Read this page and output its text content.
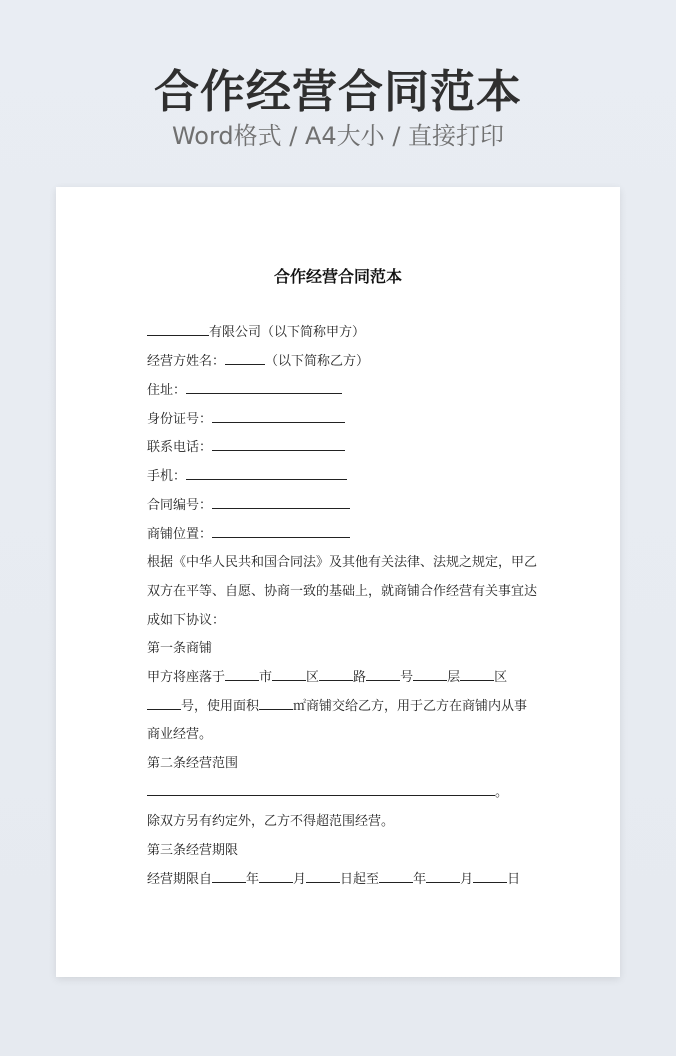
合作经营合同范本
Word格式 / A4大小 / 直接打印
合作经营合同范本
有限公司（以下简称甲方）
经营方姓名：	（以下简称乙方）
住址：
身份证号：
联系电话：
手机：
合同编号：
商铺位置：
根据《中华人民共和国合同法》及其他有关法律、法规之规定，甲乙
双方在平等、自愿、协商一致的基础上，就商铺合作经营有关事宜达
成如下协议：
第一条商铺
甲方将座落于	市	区	路	号	层	区
号，使用面积	㎡商铺交给乙方，用于乙方在商铺内从事
商业经营。
第二条经营范围
。
除双方另有约定外，乙方不得超范围经营。
第三条经营期限
经营期限自	年	月	日起至	年	月	日
